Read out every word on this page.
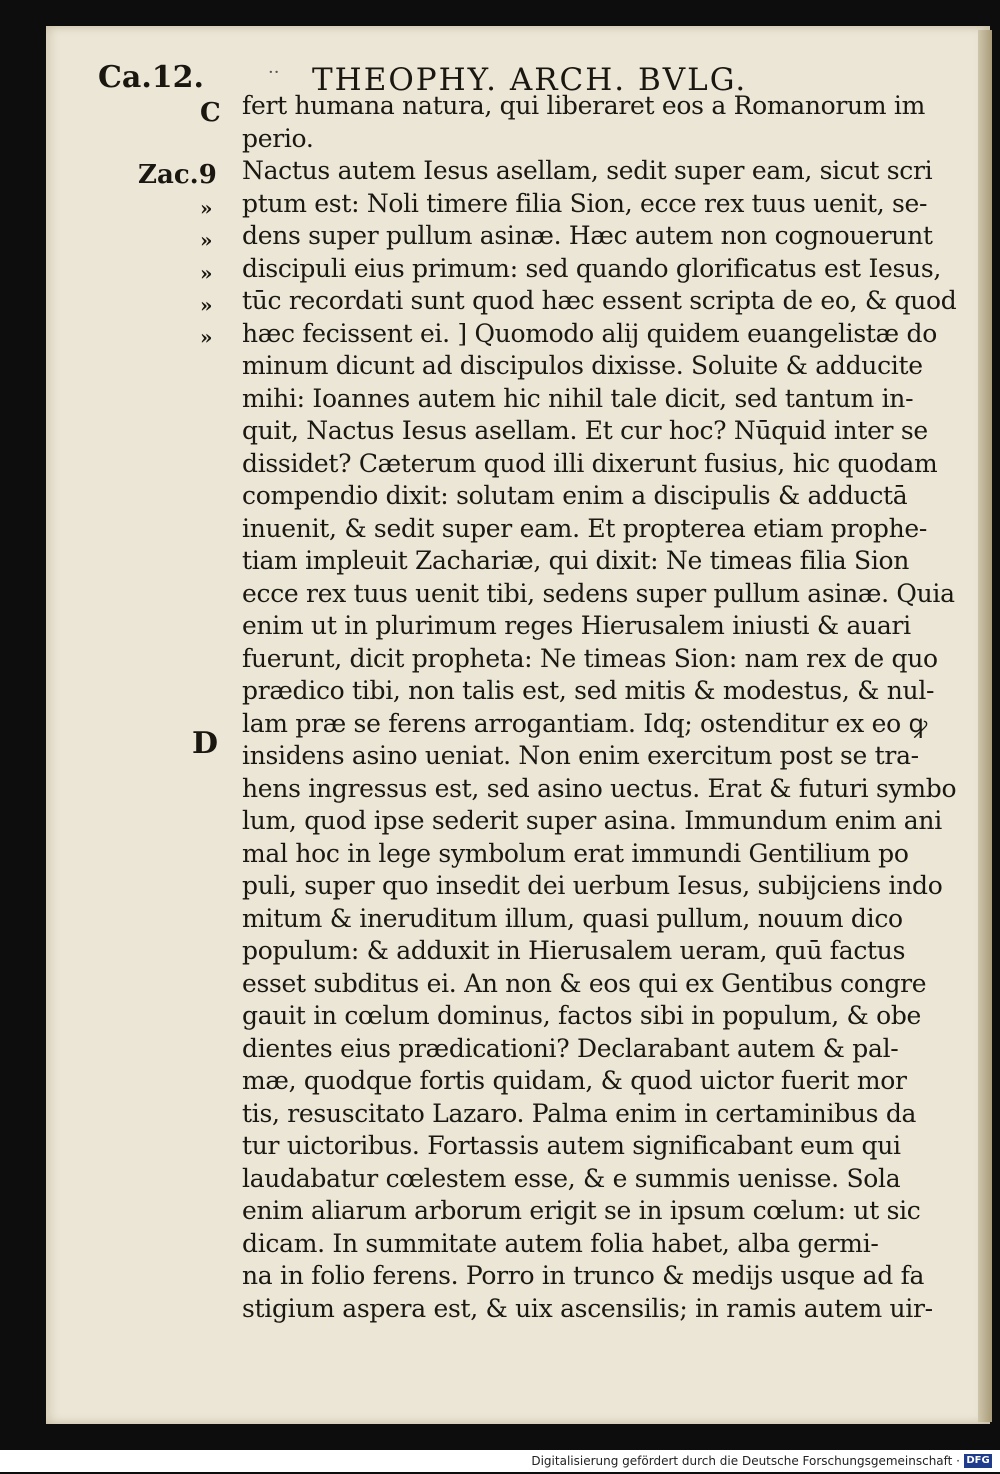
Ca.12.	·· THEOPHY. ARCH. BVLG.
C
Zac.9
»
»
»
»
»
D
fert humana natura, qui liberaret eos a Romanorum im
perio.
Nactus autem Iesus asellam, sedit super eam, sicut scri
ptum est: Noli timere filia Sion, ecce rex tuus uenit, se-
dens super pullum asinæ. Hæc autem non cognouerunt
discipuli eius primum: sed quando glorificatus est Iesus,
tūc recordati sunt quod hæc essent scripta de eo, & quod
hæc fecissent ei. ] Quomodo alij quidem euangelistæ do
minum dicunt ad discipulos dixisse. Soluite & adducite
mihi: Ioannes autem hic nihil tale dicit, sed tantum in-
quit, Nactus Iesus asellam. Et cur hoc? Nūquid inter se
dissidet? Cæterum quod illi dixerunt fusius, hic quodam
compendio dixit: solutam enim a discipulis & adductā
inuenit, & sedit super eam. Et propterea etiam prophe-
tiam impleuit Zachariæ, qui dixit: Ne timeas filia Sion
ecce rex tuus uenit tibi, sedens super pullum asinæ. Quia
enim ut in plurimum reges Hierusalem iniusti & auari
fuerunt, dicit propheta: Ne timeas Sion: nam rex de quo
prædico tibi, non talis est, sed mitis & modestus, & nul-
lam præ se ferens arrogantiam. Idq; ostenditur ex eo ꝙ
insidens asino ueniat. Non enim exercitum post se tra-
hens ingressus est, sed asino uectus. Erat & futuri symbo
lum, quod ipse sederit super asina. Immundum enim ani
mal hoc in lege symbolum erat immundi Gentilium po
puli, super quo insedit dei uerbum Iesus, subijciens indo
mitum & ineruditum illum, quasi pullum, nouum dico
populum: & adduxit in Hierusalem ueram, quū factus
esset subditus ei. An non & eos qui ex Gentibus congre
gauit in cœlum dominus, factos sibi in populum, & obe
dientes eius prædicationi? Declarabant autem & pal-
mæ, quodque fortis quidam, & quod uictor fuerit mor
tis, resuscitato Lazaro. Palma enim in certaminibus da
tur uictoribus. Fortassis autem significabant eum qui
laudabatur cœlestem esse, & e summis uenisse. Sola
enim aliarum arborum erigit se in ipsum cœlum: ut sic
dicam. In summitate autem folia habet, alba germi-
na in folio ferens. Porro in trunco & medijs usque ad fa
stigium aspera est, & uix ascensilis; in ramis autem uir-
Digitalisierung gefördert durch die Deutsche Forschungsgemeinschaft · DFG
